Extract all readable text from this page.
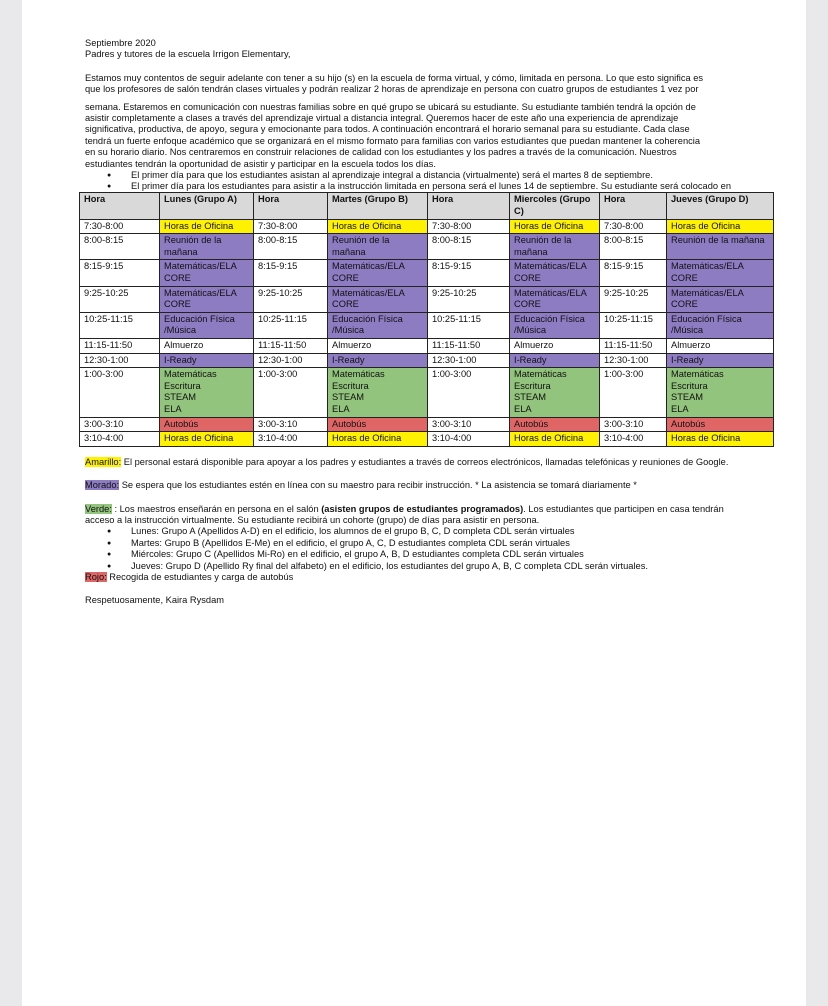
Septiembre 2020
Padres y tutores de la escuela Irrigon Elementary,
Estamos muy contentos de seguir adelante con tener a su hijo (s) en la escuela de forma virtual, y cómo, limitada en persona. Lo que esto significa es
que los profesores de salón tendrán clases virtuales y podrán realizar 2 horas de aprendizaje en persona con cuatro grupos de estudiantes 1 vez por
semana. Estaremos en comunicación con nuestras familias sobre en qué grupo se ubicará su estudiante. Su estudiante también tendrá la opción de
asistir completamente a clases a través del aprendizaje virtual a distancia integral. Queremos hacer de este año una experiencia de aprendizaje
significativa, productiva, de apoyo, segura y emocionante para todos. A continuación encontrará el horario semanal para su estudiante. Cada clase
tendrá un fuerte enfoque académico que se organizará en el mismo formato para familias con varios estudiantes que puedan mantener la coherencia
en su horario diario. Nos centraremos en construir relaciones de calidad con los estudiantes y los padres a través de la comunicación. Nuestros
estudiantes tendrán la oportunidad de asistir y participar en la escuela todos los días.
● El primer día para que los estudiantes asistan al aprendizaje integral a distancia (virtualmente) será el martes 8 de septiembre.
● El primer día para los estudiantes para asistir a la instrucción limitada en persona será el lunes 14 de septiembre. Su estudiante será colocado en
Hora	Lunes (Grupo A)	Hora	Martes (Grupo B)	Hora	Miercoles (Grupo C)	Hora	Jueves (Grupo D)
7:30-8:00	Horas de Oficina	7:30-8:00	Horas de Oficina	7:30-8:00	Horas de Oficina	7:30-8:00	Horas de Oficina
8:00-8:15	Reunión de la mañana	8:00-8:15	Reunión de la mañana	8:00-8:15	Reunión de la mañana	8:00-8:15	Reunión de la mañana
8:15-9:15	Matemáticas/ELA CORE	8:15-9:15	Matemáticas/ELA CORE	8:15-9:15	Matemáticas/ELA CORE	8:15-9:15	Matemáticas/ELA CORE
9:25-10:25	Matemáticas/ELA CORE	9:25-10:25	Matemáticas/ELA CORE	9:25-10:25	Matemáticas/ELA CORE	9:25-10:25	Matemáticas/ELA CORE
10:25-11:15	Educación Física /Música	10:25-11:15	Educación Física /Música	10:25-11:15	Educación Física /Música	10:25-11:15	Educación Física /Música
11:15-11:50	Almuerzo	11:15-11:50	Almuerzo	11:15-11:50	Almuerzo	11:15-11:50	Almuerzo
12:30-1:00	I-Ready	12:30-1:00	I-Ready	12:30-1:00	I-Ready	12:30-1:00	I-Ready
1:00-3:00	Matemáticas
Escritura
STEAM
ELA	1:00-3:00	Matemáticas
Escritura
STEAM
ELA	1:00-3:00	Matemáticas
Escritura
STEAM
ELA	1:00-3:00	Matemáticas
Escritura
STEAM
ELA
3:00-3:10	Autobús	3:00-3:10	Autobús	3:00-3:10	Autobús	3:00-3:10	Autobús
3:10-4:00	Horas de Oficina	3:10-4:00	Horas de Oficina	3:10-4:00	Horas de Oficina	3:10-4:00	Horas de Oficina
Amarillo: El personal estará disponible para apoyar a los padres y estudiantes a través de correos electrónicos, llamadas telefónicas y reuniones de Google.
Morado: Se espera que los estudiantes estén en línea con su maestro para recibir instrucción. * La asistencia se tomará diariamente *
Verde: : Los maestros enseñarán en persona en el salón (asisten grupos de estudiantes programados). Los estudiantes que participen en casa tendrán acceso a la instrucción virtualmente. Su estudiante recibirá un cohorte (grupo) de días para asistir en persona.
● Lunes: Grupo A (Apellidos A-D) en el edificio, los alumnos de el grupo B, C, D completa CDL serán virtuales
● Martes: Grupo B (Apellidos E-Me) en el edificio, el grupo A, C, D estudiantes completa CDL serán virtuales
● Miércoles: Grupo C (Apellidos Mi-Ro) en el edificio, el grupo A, B, D estudiantes completa CDL serán virtuales
● Jueves: Grupo D (Apellido Ry final del alfabeto) en el edificio, los estudiantes del grupo A, B, C completa CDL serán virtuales.
Rojo: Recogida de estudiantes y carga de autobús
Respetuosamente, Kaira Rysdam
